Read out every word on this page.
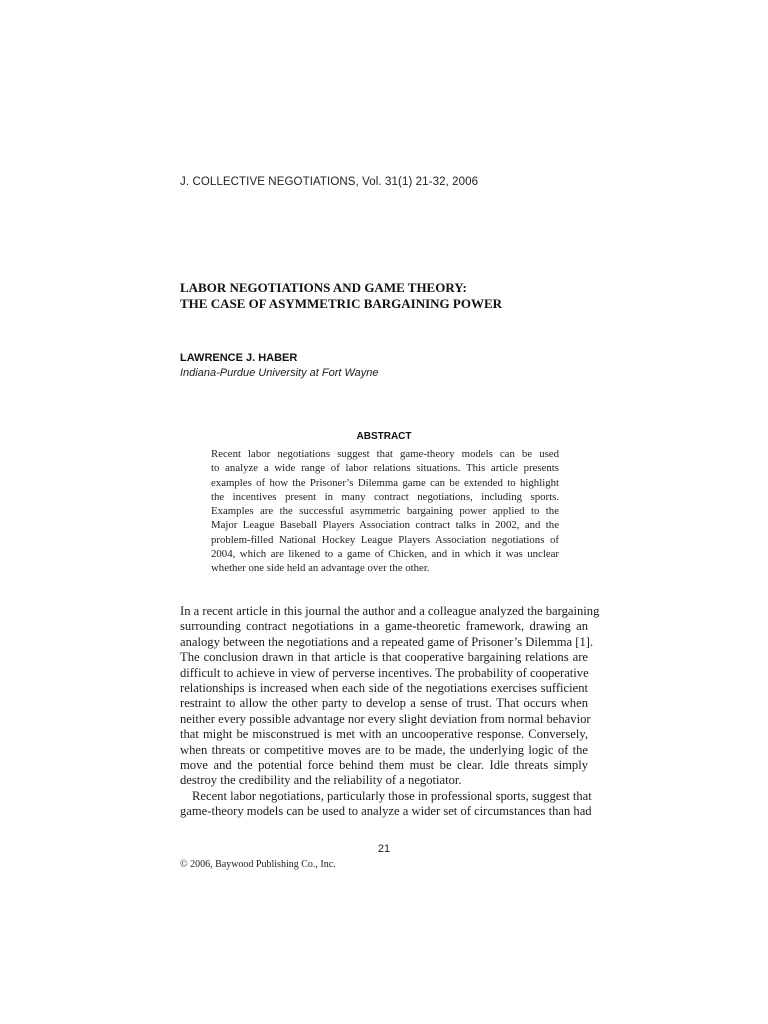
J. COLLECTIVE NEGOTIATIONS, Vol. 31(1) 21-32, 2006
LABOR NEGOTIATIONS AND GAME THEORY:
THE CASE OF ASYMMETRIC BARGAINING POWER
LAWRENCE J. HABER
Indiana-Purdue University at Fort Wayne
ABSTRACT
Recent labor negotiations suggest that game-theory models can be used
to analyze a wide range of labor relations situations. This article presents
examples of how the Prisoner’s Dilemma game can be extended to highlight
the incentives present in many contract negotiations, including sports.
Examples are the successful asymmetric bargaining power applied to the
Major League Baseball Players Association contract talks in 2002, and the
problem-filled National Hockey League Players Association negotiations of
2004, which are likened to a game of Chicken, and in which it was unclear
whether one side held an advantage over the other.
In a recent article in this journal the author and a colleague analyzed the bargaining
surrounding contract negotiations in a game-theoretic framework, drawing an
analogy between the negotiations and a repeated game of Prisoner’s Dilemma [1].
The conclusion drawn in that article is that cooperative bargaining relations are
difficult to achieve in view of perverse incentives. The probability of cooperative
relationships is increased when each side of the negotiations exercises sufficient
restraint to allow the other party to develop a sense of trust. That occurs when
neither every possible advantage nor every slight deviation from normal behavior
that might be misconstrued is met with an uncooperative response. Conversely,
when threats or competitive moves are to be made, the underlying logic of the
move and the potential force behind them must be clear. Idle threats simply
destroy the credibility and the reliability of a negotiator.
Recent labor negotiations, particularly those in professional sports, suggest that
game-theory models can be used to analyze a wider set of circumstances than had
21
© 2006, Baywood Publishing Co., Inc.
